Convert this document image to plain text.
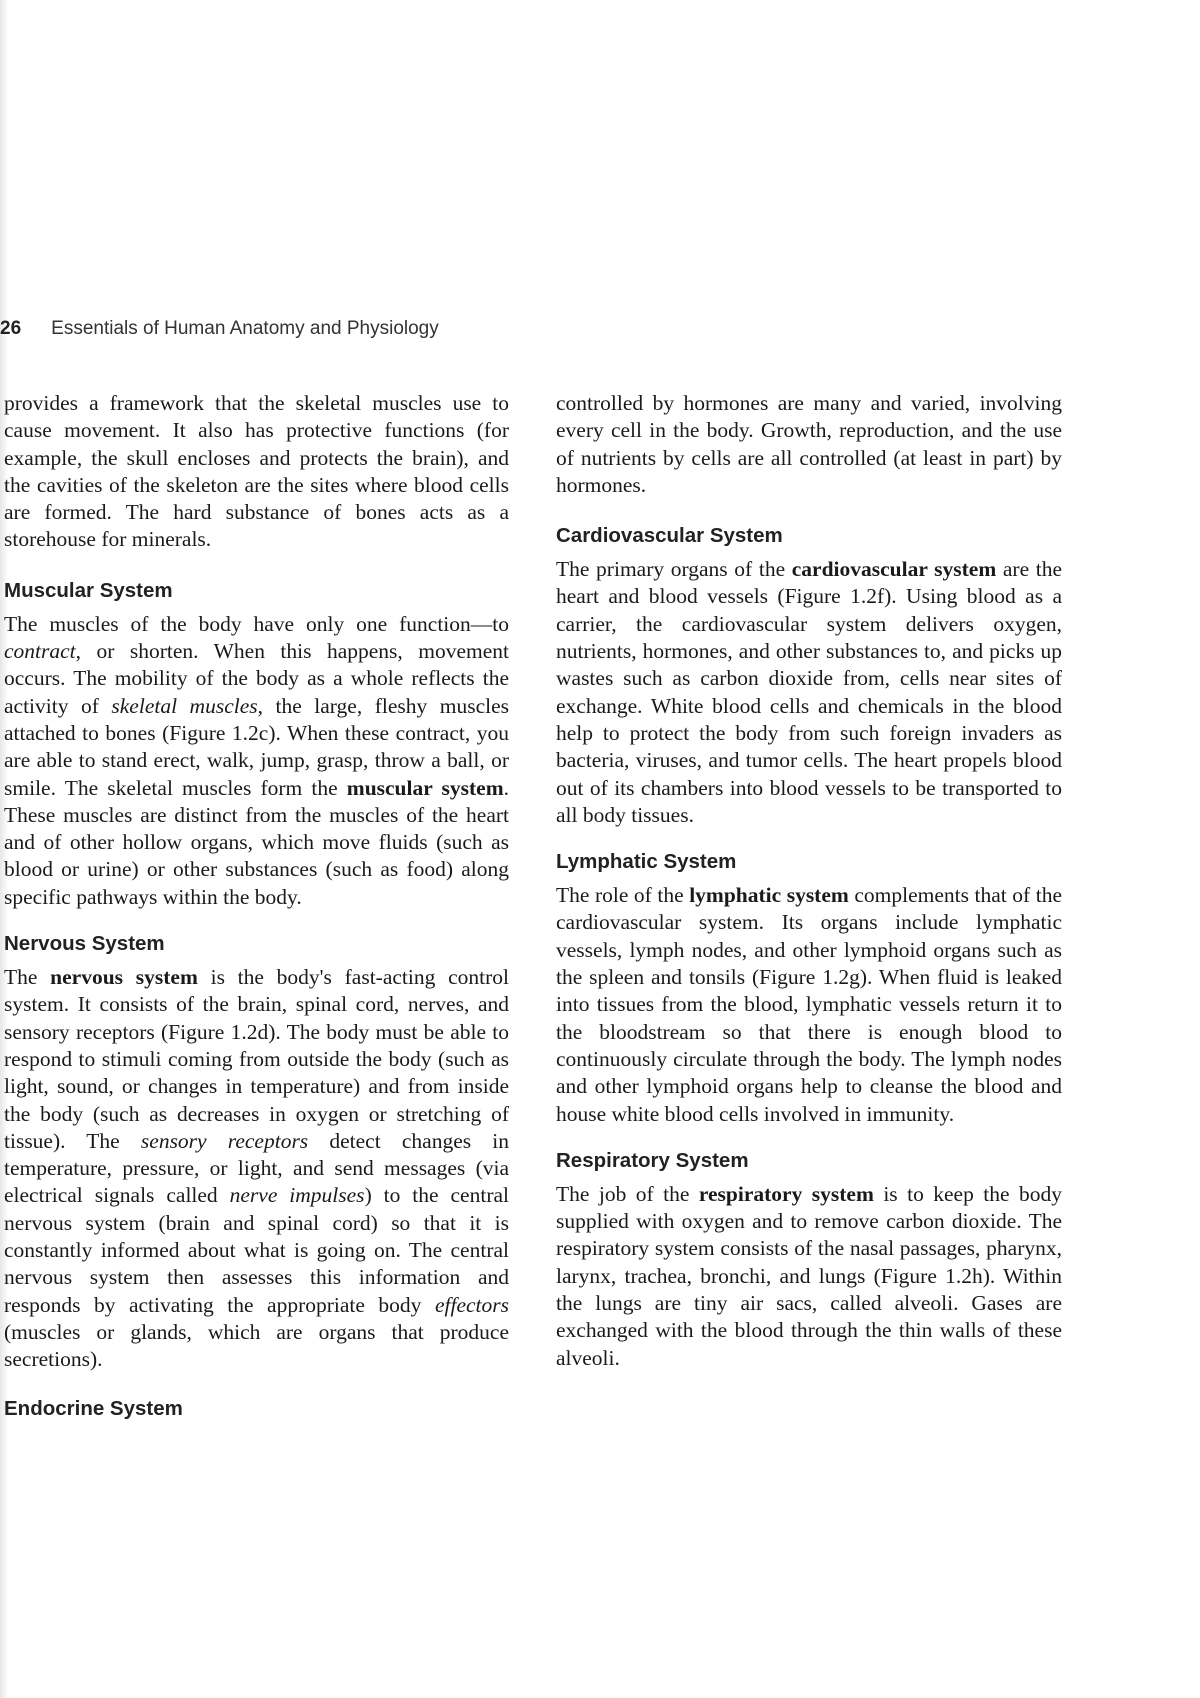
26 Essentials of Human Anatomy and Physiology

provides a framework that the skeletal muscles use to cause movement. It also has protective functions (for example, the skull encloses and protects the brain), and the cavities of the skeleton are the sites where blood cells are formed. The hard substance of bones acts as a storehouse for minerals.

Muscular System

The muscles of the body have only one function—to contract, or shorten. When this happens, movement occurs. The mobility of the body as a whole reflects the activity of skeletal muscles, the large, fleshy muscles attached to bones (Figure 1.2c). When these contract, you are able to stand erect, walk, jump, grasp, throw a ball, or smile. The skeletal muscles form the muscular system. These muscles are distinct from the muscles of the heart and of other hollow organs, which move fluids (such as blood or urine) or other substances (such as food) along specific pathways within the body.

Nervous System

The nervous system is the body's fast-acting control system. It consists of the brain, spinal cord, nerves, and sensory receptors (Figure 1.2d). The body must be able to respond to stimuli coming from outside the body (such as light, sound, or changes in temperature) and from inside the body (such as decreases in oxygen or stretching of tissue). The sensory receptors detect changes in temperature, pressure, or light, and send messages (via electrical signals called nerve impulses) to the central nervous system (brain and spinal cord) so that it is constantly informed about what is going on. The central nervous system then assesses this information and responds by activating the appropriate body effectors (muscles or glands, which are organs that produce secretions).

Endocrine System

controlled by hormones are many and varied, involving every cell in the body. Growth, reproduction, and the use of nutrients by cells are all controlled (at least in part) by hormones.

Cardiovascular System

The primary organs of the cardiovascular system are the heart and blood vessels (Figure 1.2f). Using blood as a carrier, the cardiovascular system delivers oxygen, nutrients, hormones, and other substances to, and picks up wastes such as carbon dioxide from, cells near sites of exchange. White blood cells and chemicals in the blood help to protect the body from such foreign invaders as bacteria, viruses, and tumor cells. The heart propels blood out of its chambers into blood vessels to be transported to all body tissues.

Lymphatic System

The role of the lymphatic system complements that of the cardiovascular system. Its organs include lymphatic vessels, lymph nodes, and other lymphoid organs such as the spleen and tonsils (Figure 1.2g). When fluid is leaked into tissues from the blood, lymphatic vessels return it to the bloodstream so that there is enough blood to continuously circulate through the body. The lymph nodes and other lymphoid organs help to cleanse the blood and house white blood cells involved in immunity.

Respiratory System

The job of the respiratory system is to keep the body supplied with oxygen and to remove carbon dioxide. The respiratory system consists of the nasal passages, pharynx, larynx, trachea, bronchi, and lungs (Figure 1.2h). Within the lungs are tiny air sacs, called alveoli. Gases are exchanged with the blood through the thin walls of these alveoli.
